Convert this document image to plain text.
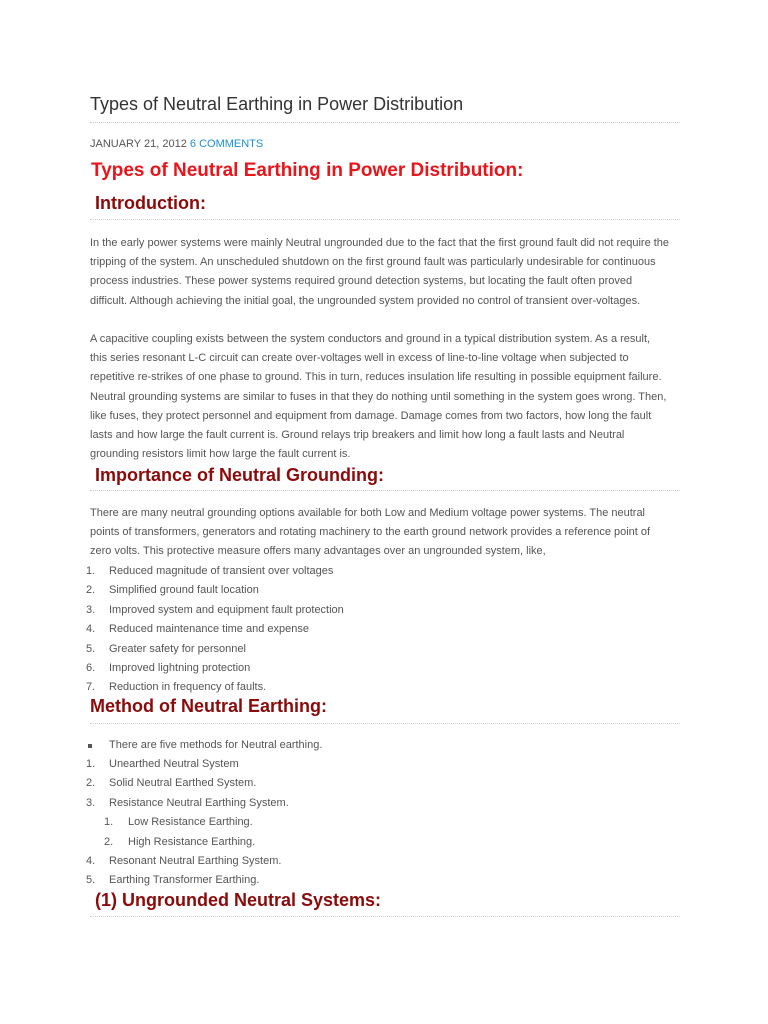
Types of Neutral Earthing in Power Distribution
JANUARY 21, 2012 6 COMMENTS
Types of Neutral Earthing in Power Distribution:
Introduction:

In the early power systems were mainly Neutral ungrounded due to the fact that the first ground fault did not require the tripping of the system. An unscheduled shutdown on the first ground fault was particularly undesirable for continuous process industries. These power systems required ground detection systems, but locating the fault often proved difficult. Although achieving the initial goal, the ungrounded system provided no control of transient over-voltages.

A capacitive coupling exists between the system conductors and ground in a typical distribution system. As a result, this series resonant L-C circuit can create over-voltages well in excess of line-to-line voltage when subjected to repetitive re-strikes of one phase to ground. This in turn, reduces insulation life resulting in possible equipment failure. Neutral grounding systems are similar to fuses in that they do nothing until something in the system goes wrong. Then, like fuses, they protect personnel and equipment from damage. Damage comes from two factors, how long the fault lasts and how large the fault current is. Ground relays trip breakers and limit how long a fault lasts and Neutral grounding resistors limit how large the fault current is.

Importance of Neutral Grounding:

There are many neutral grounding options available for both Low and Medium voltage power systems. The neutral points of transformers, generators and rotating machinery to the earth ground network provides a reference point of zero volts. This protective measure offers many advantages over an ungrounded system, like,

1.	Reduced magnitude of transient over voltages
2.	Simplified ground fault location
3.	Improved system and equipment fault protection
4.	Reduced maintenance time and expense
5.	Greater safety for personnel
6.	Improved lightning protection
7.	Reduction in frequency of faults.
Method of Neutral Earthing:
There are five methods for Neutral earthing.
1.	Unearthed Neutral System
2.	Solid Neutral Earthed System.
3.	Resistance Neutral Earthing System.
1.	Low Resistance Earthing.
2.	High Resistance Earthing.
4.	Resonant Neutral Earthing System.
5.	Earthing Transformer Earthing.
(1) Ungrounded Neutral Systems:
